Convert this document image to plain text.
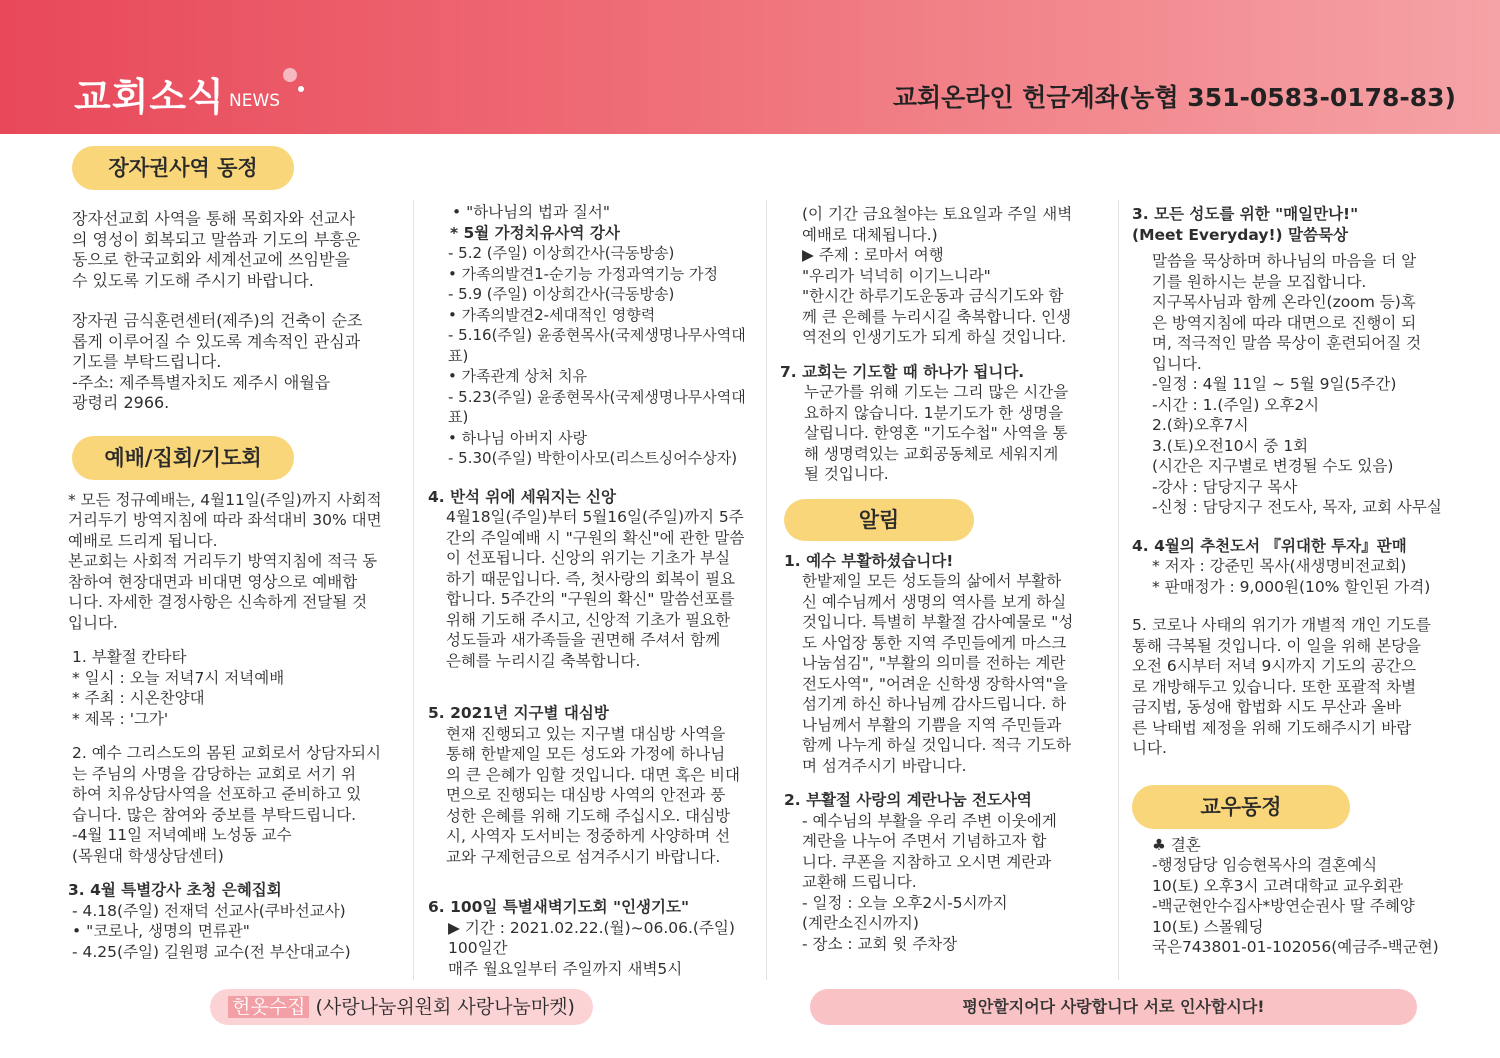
교회소식 NEWS	교회온라인 헌금계좌(농협 351-0583-0178-83)
장자권사역 동정

장자선교회 사역을 통해 목회자와 선교사
의 영성이 회복되고 말씀과 기도의 부흥운
동으로 한국교회와 세계선교에 쓰임받을
수 있도록 기도해 주시기 바랍니다.

장자권 금식훈련센터(제주)의 건축이 순조
롭게 이루어질 수 있도록 계속적인 관심과
기도를 부탁드립니다.
-주소: 제주특별자치도 제주시 애월읍
광령리 2966.

예배/집회/기도회

* 모든 정규예배는, 4월11일(주일)까지 사회적
거리두기 방역지침에 따라 좌석대비 30% 대면
예배로 드리게 됩니다.
본교회는 사회적 거리두기 방역지침에 적극 동
참하여 현장대면과 비대면 영상으로 예배합
니다. 자세한 결정사항은 신속하게 전달될 것
입니다.

1. 부활절 칸타타
* 일시 : 오늘 저녁7시 저녁예배
* 주최 : 시온찬양대
* 제목 : '그가'

2. 예수 그리스도의 몸된 교회로서 상담자되시
는 주님의 사명을 감당하는 교회로 서기 위
하여 치유상담사역을 선포하고 준비하고 있
습니다. 많은 참여와 중보를 부탁드립니다.
-4월 11일 저녁예배 노성동 교수
(목원대 학생상담센터)

3. 4월 특별강사 초청 은혜집회

- 4.18(주일) 전재덕 선교사(쿠바선교사)
• "코로나, 생명의 면류관"
- 4.25(주일) 길원평 교수(전 부산대교수)

• "하나님의 법과 질서"

* 5월 가정치유사역 강사

- 5.2 (주일) 이상희간사(극동방송)
• 가족의발견1-순기능 가정과역기능 가정
- 5.9 (주일) 이상희간사(극동방송)
• 가족의발견2-세대적인 영향력
- 5.16(주일) 윤종현목사(국제생명나무사역대표)
• 가족관계 상처 치유
- 5.23(주일) 윤종현목사(국제생명나무사역대표)
• 하나님 아버지 사랑
- 5.30(주일) 박한이사모(리스트싱어수상자)

4. 반석 위에 세워지는 신앙

4월18일(주일)부터 5월16일(주일)까지 5주
간의 주일예배 시 "구원의 확신"에 관한 말씀
이 선포됩니다. 신앙의 위기는 기초가 부실
하기 때문입니다. 즉, 첫사랑의 회복이 필요
합니다. 5주간의 "구원의 확신" 말씀선포를
위해 기도해 주시고, 신앙적 기초가 필요한
성도들과 새가족들을 권면해 주셔서 함께
은혜를 누리시길 축복합니다.

5. 2021년 지구별 대심방

현재 진행되고 있는 지구별 대심방 사역을
통해 한밭제일 모든 성도와 가정에 하나님
의 큰 은혜가 임할 것입니다. 대면 혹은 비대
면으로 진행되는 대심방 사역의 안전과 풍
성한 은혜를 위해 기도해 주십시오. 대심방
시, 사역자 도서비는 정중하게 사양하며 선
교와 구제헌금으로 섬겨주시기 바랍니다.

6. 100일 특별새벽기도회 "인생기도"

▶ 기간 : 2021.02.22.(월)~06.06.(주일)
100일간
매주 월요일부터 주일까지 새벽5시

(이 기간 금요철야는 토요일과 주일 새벽
예배로 대체됩니다.)
▶ 주제 : 로마서 여행
"우리가 넉넉히 이기느니라"
"한시간 하루기도운동과 금식기도와 함
께 큰 은혜를 누리시길 축복합니다. 인생
역전의 인생기도가 되게 하실 것입니다.

7. 교회는 기도할 때 하나가 됩니다.

누군가를 위해 기도는 그리 많은 시간을
요하지 않습니다. 1분기도가 한 생명을
살립니다. 한영혼 "기도수첩" 사역을 통
해 생명력있는 교회공동체로 세워지게
될 것입니다.

알림

1. 예수 부활하셨습니다!

한밭제일 모든 성도들의 삶에서 부활하
신 예수님께서 생명의 역사를 보게 하실
것입니다. 특별히 부활절 감사예물로 "성
도 사업장 통한 지역 주민들에게 마스크
나눔섬김", "부활의 의미를 전하는 계란
전도사역", "어려운 신학생 장학사역"을
섬기게 하신 하나님께 감사드립니다. 하
나님께서 부활의 기쁨을 지역 주민들과
함께 나누게 하실 것입니다. 적극 기도하
며 섬겨주시기 바랍니다.

2. 부활절 사랑의 계란나눔 전도사역

- 예수님의 부활을 우리 주변 이웃에게
계란을 나누어 주면서 기념하고자 합
니다. 쿠폰을 지참하고 오시면 계란과
교환해 드립니다.
- 일정 : 오늘 오후2시-5시까지
(계란소진시까지)
- 장소 : 교회 윗 주차장

3. 모든 성도를 위한 "매일만나!"
(Meet Everyday!) 말씀묵상

말씀을 묵상하며 하나님의 마음을 더 알
기를 원하시는 분을 모집합니다.
지구목사님과 함께 온라인(zoom 등)혹
은 방역지침에 따라 대면으로 진행이 되
며, 적극적인 말씀 묵상이 훈련되어질 것
입니다.
-일정 : 4월 11일 ~ 5월 9일(5주간)
-시간 : 1.(주일) 오후2시
2.(화)오후7시
3.(토)오전10시 중 1회
(시간은 지구별로 변경될 수도 있음)
-강사 : 담당지구 목사
-신청 : 담당지구 전도사, 목자, 교회 사무실

4. 4월의 추천도서 『위대한 투자』판매

* 저자 : 강준민 목사(새생명비전교회)
* 판매정가 : 9,000원(10% 할인된 가격)

5. 코로나 사태의 위기가 개별적 개인 기도를
통해 극복될 것입니다. 이 일을 위해 본당을
오전 6시부터 저녁 9시까지 기도의 공간으
로 개방해두고 있습니다. 또한 포괄적 차별
금지법, 동성애 합법화 시도 무산과 올바
른 낙태법 제정을 위해 기도해주시기 바랍
니다.

교우동정

♣ 결혼
-행정담당 임승현목사의 결혼예식
10(토) 오후3시 고려대학교 교우회관
-백군현안수집사*방연순권사 딸 주혜양
10(토) 스몰웨딩
국은743801-01-102056(예금주-백군현)

헌옷수집 (사랑나눔위원회 사랑나눔마켓)	평안할지어다 사랑합니다 서로 인사합시다!
